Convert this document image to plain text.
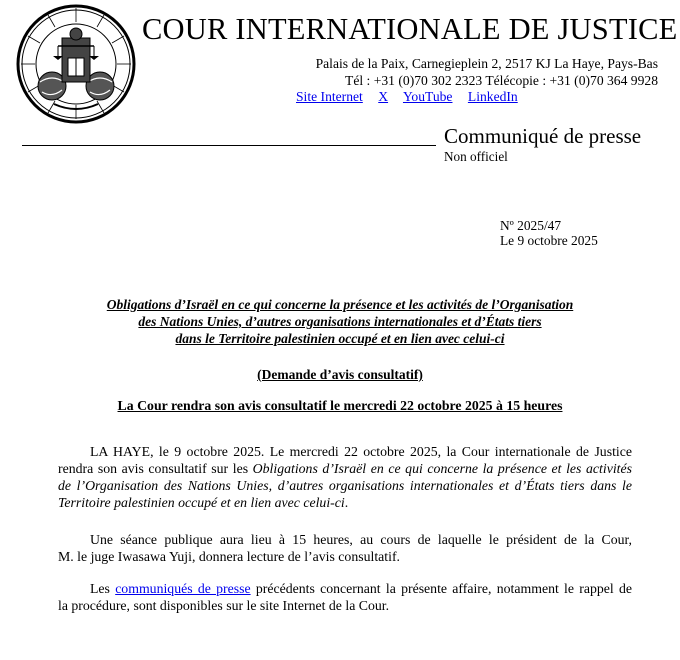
COUR INTERNATIONALE DE JUSTICE
Palais de la Paix, Carnegieplein 2, 2517 KJ La Haye, Pays-Bas
Tél : +31 (0)70 302 2323 Télécopie : +31 (0)70 364 9928
Site Internet X YouTube LinkedIn
Communiqué de presse
Non officiel
Nº 2025/47
Le 9 octobre 2025
Obligations d’Israël en ce qui concerne la présence et les activités de l’Organisation
des Nations Unies, d’autres organisations internationales et d’États tiers
dans le Territoire palestinien occupé et en lien avec celui-ci
(Demande d’avis consultatif)
La Cour rendra son avis consultatif le mercredi 22 octobre 2025 à 15 heures
LA HAYE, le 9 octobre 2025. Le mercredi 22 octobre 2025, la Cour internationale de Justice
rendra son avis consultatif sur les Obligations d’Israël en ce qui concerne la présence et les activités
de l’Organisation des Nations Unies, d’autres organisations internationales et d’États tiers dans le
Territoire palestinien occupé et en lien avec celui-ci.
Une séance publique aura lieu à 15 heures, au cours de laquelle le président de la Cour,
M. le juge Iwasawa Yuji, donnera lecture de l’avis consultatif.
Les communiqués de presse précédents concernant la présente affaire, notamment le rappel de
la procédure, sont disponibles sur le site Internet de la Cour.
